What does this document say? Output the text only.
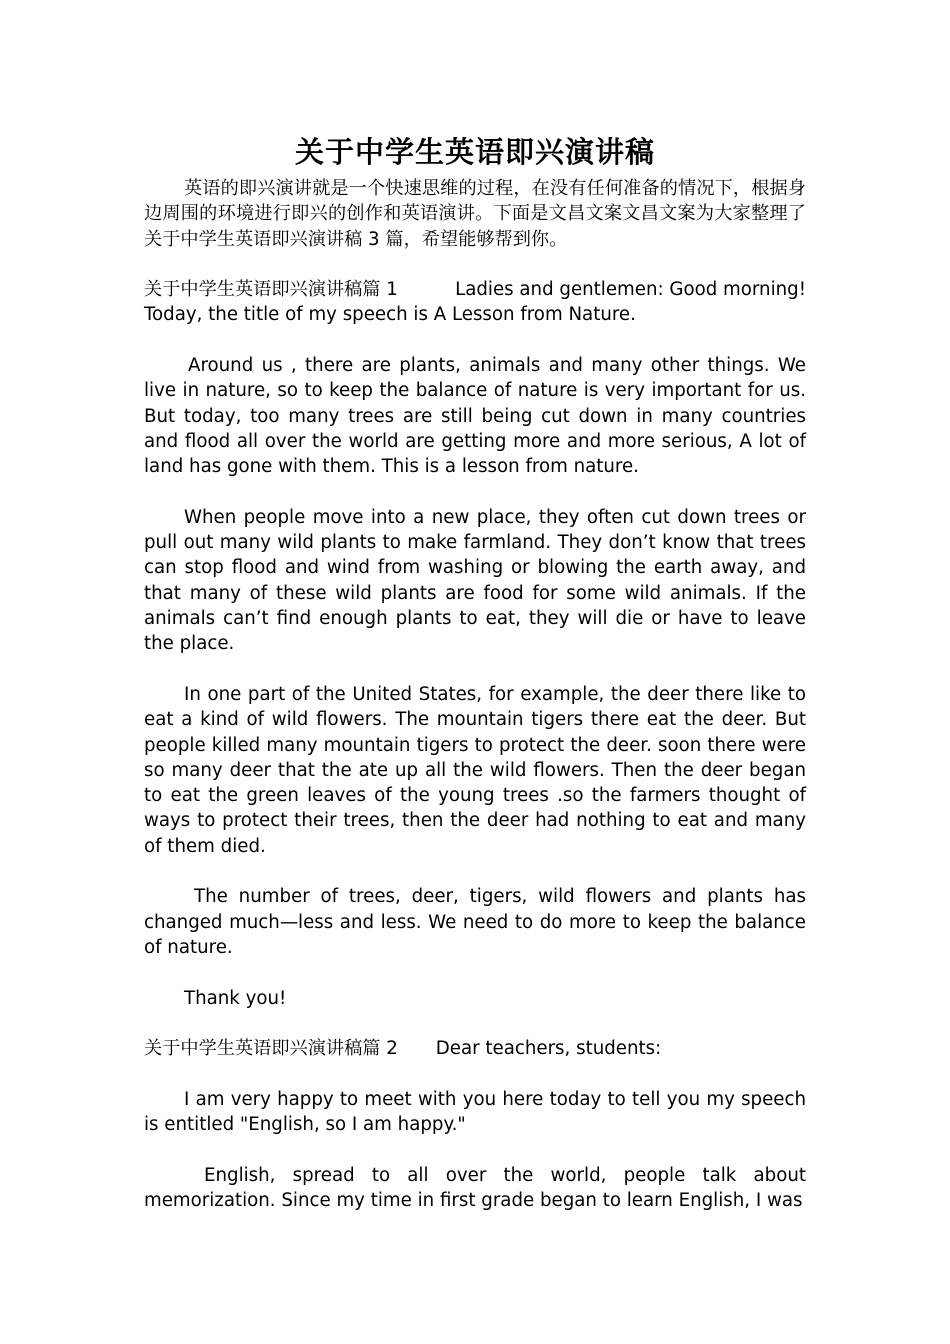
关于中学生英语即兴演讲稿

英语的即兴演讲就是一个快速思维的过程，在没有任何准备的情况下，根据身边周围的环境进行即兴的创作和英语演讲。下面是文昌文案文昌文案为大家整理了关于中学生英语即兴演讲稿 3 篇，希望能够帮到你。

关于中学生英语即兴演讲稿篇 1	Ladies and gentlemen: Good morning!

Today, the title of my speech is A Lesson from Nature.

Around us , there are plants, animals and many other things. We live in nature, so to keep the balance of nature is very important for us. But today, too many trees are still being cut down in many countries and flood all over the world are getting more and more serious, A lot of land has gone with them. This is a lesson from nature.

When people move into a new place, they often cut down trees or pull out many wild plants to make farmland. They don’t know that trees can stop flood and wind from washing or blowing the earth away, and that many of these wild plants are food for some wild animals. If the animals can’t find enough plants to eat, they will die or have to leave the place.

In one part of the United States, for example, the deer there like to eat a kind of wild flowers. The mountain tigers there eat the deer. But people killed many mountain tigers to protect the deer. soon there were so many deer that the ate up all the wild flowers. Then the deer began to eat the green leaves of the young trees .so the farmers thought of ways to protect their trees, then the deer had nothing to eat and many of them died.

The number of trees, deer, tigers, wild flowers and plants has changed much—less and less. We need to do more to keep the balance of nature.

Thank you!

关于中学生英语即兴演讲稿篇 2 Dear teachers, students:

I am very happy to meet with you here today to tell you my speech is entitled "English, so I am happy."

English, spread to all over the world, people talk about memorization. Since my time in first grade began to learn English, I was
